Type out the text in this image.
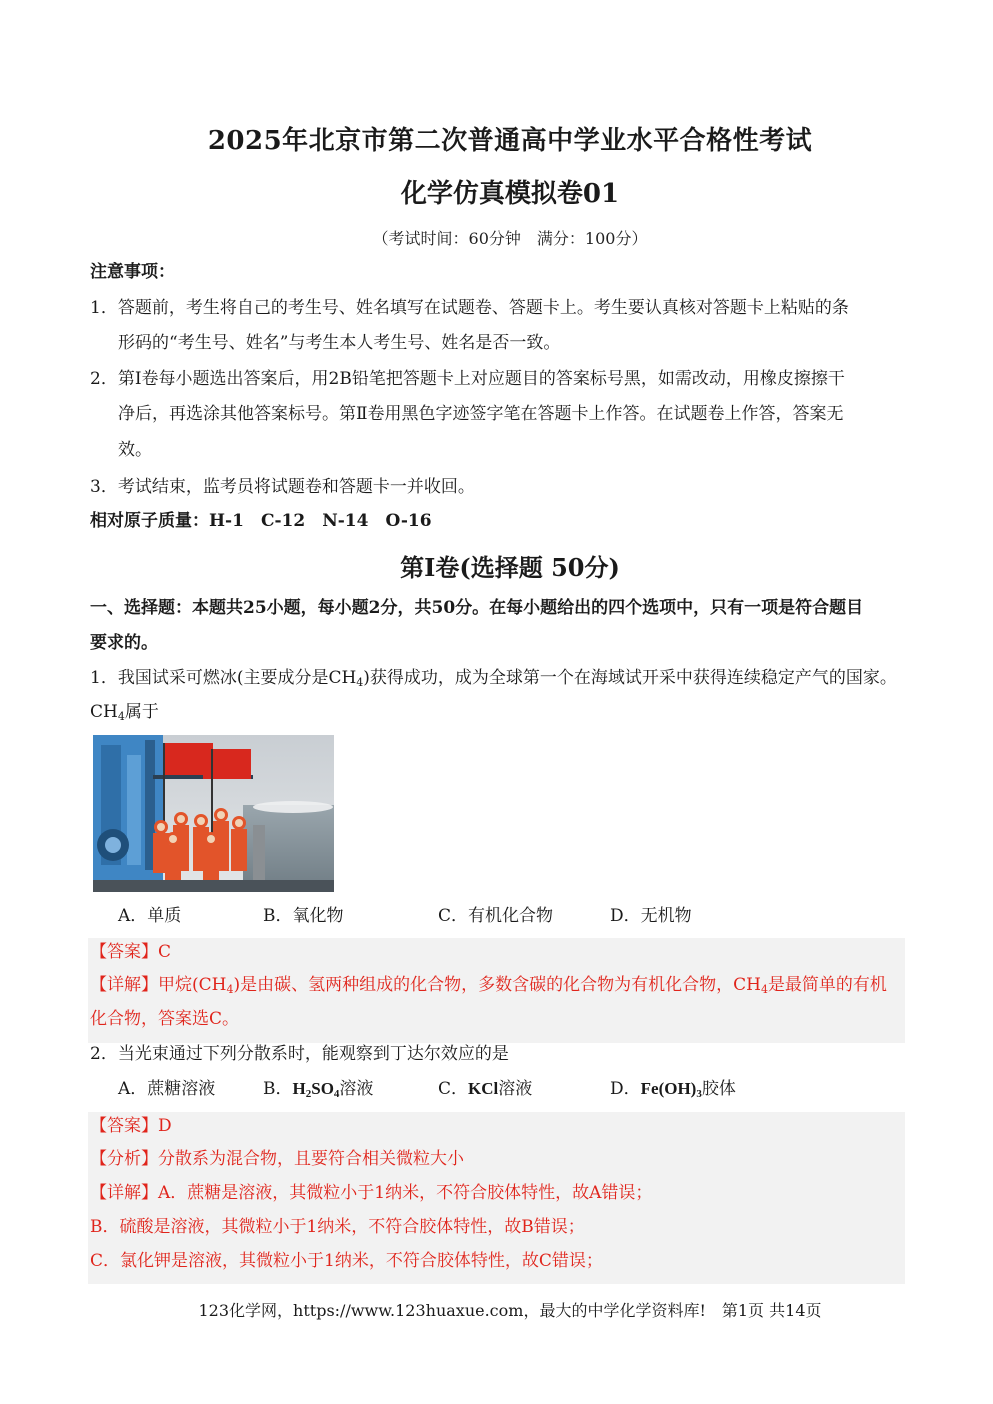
2025年北京市第二次普通高中学业水平合格性考试
化学仿真模拟卷01
（考试时间：60分钟　满分：100分）
注意事项：
1．答题前，考生将自己的考生号、姓名填写在试题卷、答题卡上。考生要认真核对答题卡上粘贴的条
形码的“考生号、姓名”与考生本人考生号、姓名是否一致。
2．第Ⅰ卷每小题选出答案后，用2B铅笔把答题卡上对应题目的答案标号黑，如需改动，用橡皮擦擦干
净后，再选涂其他答案标号。第Ⅱ卷用黑色字迹签字笔在答题卡上作答。在试题卷上作答，答案无
效。
3．考试结束，监考员将试题卷和答题卡一并收回。
相对原子质量：H-1　C-12　N-14　O-16
第Ⅰ卷(选择题 50分)
一、选择题：本题共25小题，每小题2分，共50分。在每小题给出的四个选项中，只有一项是符合题目
要求的。
1．我国试采可燃冰(主要成分是$CH_4$)获得成功，成为全球第一个在海域试开采中获得连续稳定产气的国家。
$CH_4$属于
A．单质	B．氧化物	C．有机化合物	D．无机物
【答案】C
【详解】甲烷$(CH_4)$是由碳、氢两种组成的化合物，多数含碳的化合物为有机化合物，$CH_4$是最简单的有机
化合物，答案选C。
2．当光束通过下列分散系时，能观察到丁达尔效应的是
A．蔗糖溶液	B．$H_2SO_4$溶液	C．KCl溶液	D．$Fe(OH)_3$胶体
【答案】D
【分析】分散系为混合物，且要符合相关微粒大小
【详解】A．蔗糖是溶液，其微粒小于1纳米，不符合胶体特性，故A错误；
B．硫酸是溶液，其微粒小于1纳米，不符合胶体特性，故B错误；
C．氯化钾是溶液，其微粒小于1纳米，不符合胶体特性，故C错误；
123化学网，https://www.123huaxue.com，最大的中学化学资料库!　第1页 共14页
